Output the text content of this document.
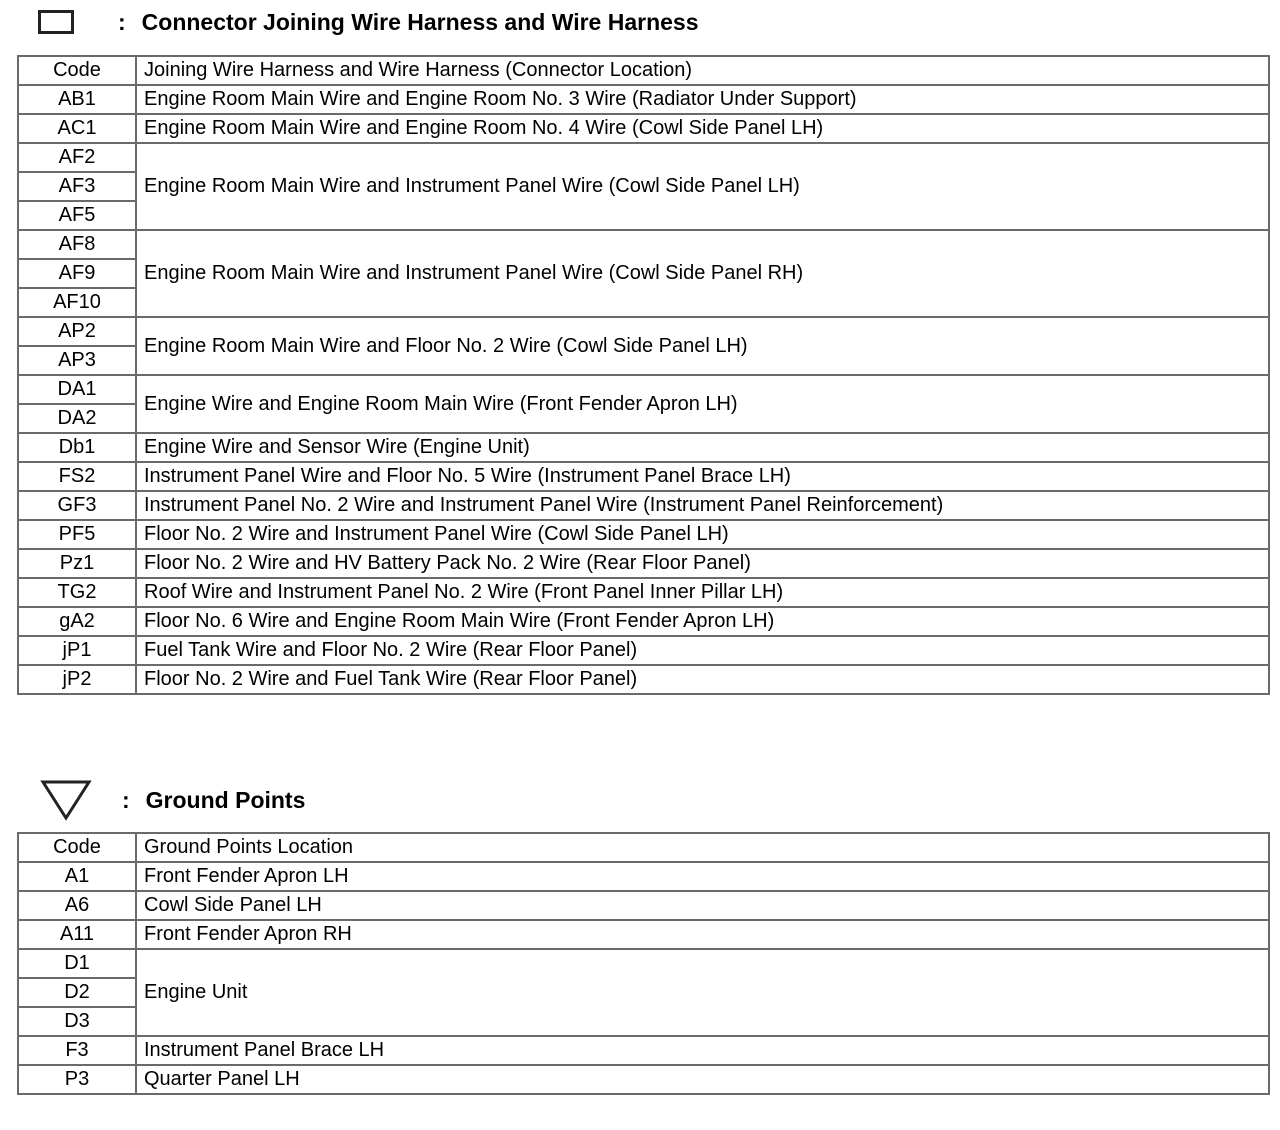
: Connector Joining Wire Harness and Wire Harness
Code	Joining Wire Harness and Wire Harness (Connector Location)
AB1	Engine Room Main Wire and Engine Room No. 3 Wire (Radiator Under Support)
AC1	Engine Room Main Wire and Engine Room No. 4 Wire (Cowl Side Panel LH)
AF2	Engine Room Main Wire and Instrument Panel Wire (Cowl Side Panel LH)
AF3	
AF5	
AF8	Engine Room Main Wire and Instrument Panel Wire (Cowl Side Panel RH)
AF9	
AF10	
AP2	Engine Room Main Wire and Floor No. 2 Wire (Cowl Side Panel LH)
AP3	
DA1	Engine Wire and Engine Room Main Wire (Front Fender Apron LH)
DA2	
Db1	Engine Wire and Sensor Wire (Engine Unit)
FS2	Instrument Panel Wire and Floor No. 5 Wire (Instrument Panel Brace LH)
GF3	Instrument Panel No. 2 Wire and Instrument Panel Wire (Instrument Panel Reinforcement)
PF5	Floor No. 2 Wire and Instrument Panel Wire (Cowl Side Panel LH)
Pz1	Floor No. 2 Wire and HV Battery Pack No. 2 Wire (Rear Floor Panel)
TG2	Roof Wire and Instrument Panel No. 2 Wire (Front Panel Inner Pillar LH)
gA2	Floor No. 6 Wire and Engine Room Main Wire (Front Fender Apron LH)
jP1	Fuel Tank Wire and Floor No. 2 Wire (Rear Floor Panel)
jP2	Floor No. 2 Wire and Fuel Tank Wire (Rear Floor Panel)
: Ground Points
Code	Ground Points Location
A1	Front Fender Apron LH
A6	Cowl Side Panel LH
A11	Front Fender Apron RH
D1	Engine Unit
D2	
D3	
F3	Instrument Panel Brace LH
P3	Quarter Panel LH
